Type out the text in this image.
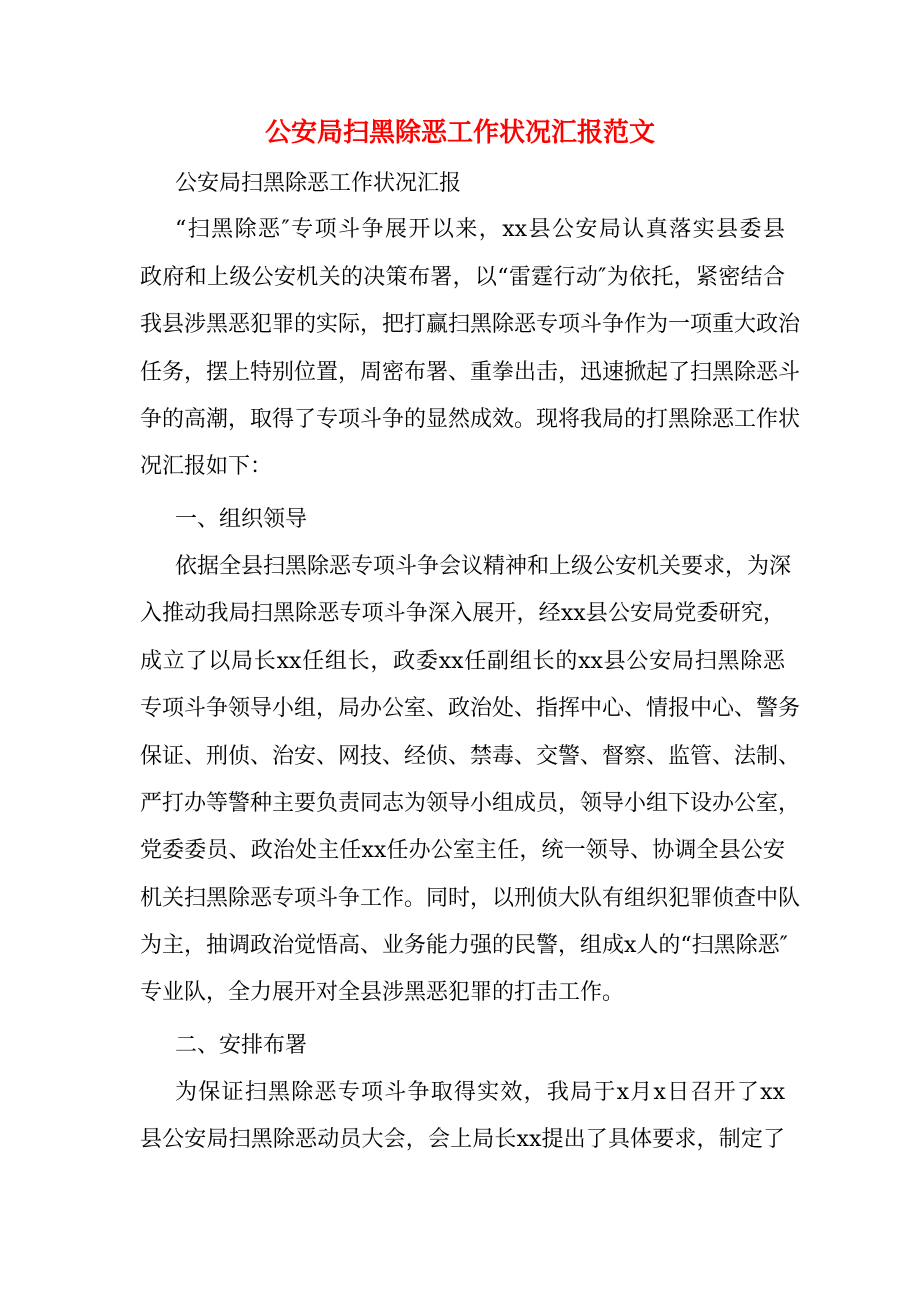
公安局扫黑除恶工作状况汇报范文
公安局扫黑除恶工作状况汇报
“扫黑除恶″专项斗争展开以来，xx县公安局认真落实县委县
政府和上级公安机关的决策布署，以“雷霆行动″为依托，紧密结合
我县涉黑恶犯罪的实际，把打赢扫黑除恶专项斗争作为一项重大政治
任务，摆上特别位置，周密布署、重拳出击，迅速掀起了扫黑除恶斗
争的高潮，取得了专项斗争的显然成效。现将我局的打黑除恶工作状
况汇报如下：
一、组织领导
依据全县扫黑除恶专项斗争会议精神和上级公安机关要求，为深
入推动我局扫黑除恶专项斗争深入展开，经xx县公安局党委研究，
成立了以局长xx任组长，政委xx任副组长的xx县公安局扫黑除恶
专项斗争领导小组，局办公室、政治处、指挥中心、情报中心、警务
保证、刑侦、治安、网技、经侦、禁毒、交警、督察、监管、法制、
严打办等警种主要负责同志为领导小组成员，领导小组下设办公室，
党委委员、政治处主任xx任办公室主任，统一领导、协调全县公安
机关扫黑除恶专项斗争工作。同时，以刑侦大队有组织犯罪侦查中队
为主，抽调政治觉悟高、业务能力强的民警，组成x人的“扫黑除恶″
专业队，全力展开对全县涉黑恶犯罪的打击工作。
二、安排布署
为保证扫黑除恶专项斗争取得实效，我局于x月x日召开了xx
县公安局扫黑除恶动员大会，会上局长xx提出了具体要求，制定了
